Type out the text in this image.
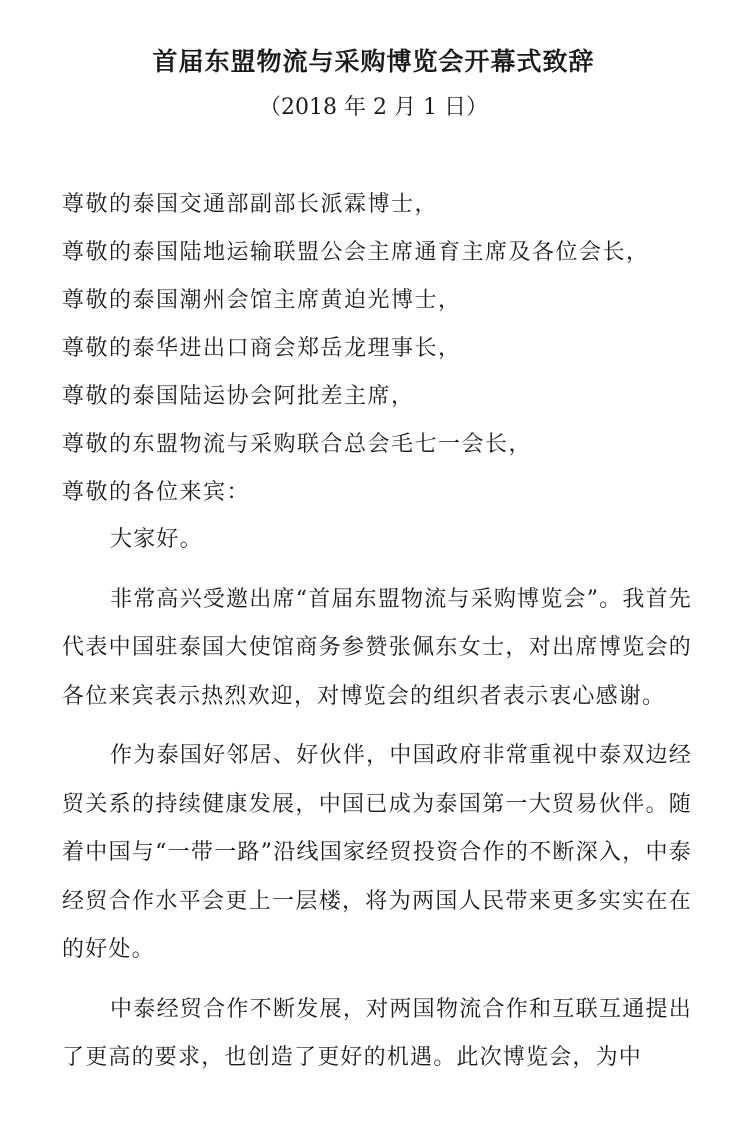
首届东盟物流与采购博览会开幕式致辞
（2018 年 2 月 1 日）
尊敬的泰国交通部副部长派霖博士，
尊敬的泰国陆地运输联盟公会主席通育主席及各位会长，
尊敬的泰国潮州会馆主席黄迫光博士，
尊敬的泰华进出口商会郑岳龙理事长，
尊敬的泰国陆运协会阿批差主席，
尊敬的东盟物流与采购联合总会毛七一会长，
尊敬的各位来宾：

大家好。

非常高兴受邀出席“首届东盟物流与采购博览会”。我首先代表中国驻泰国大使馆商务参赞张佩东女士，对出席博览会的各位来宾表示热烈欢迎，对博览会的组织者表示衷心感谢。

作为泰国好邻居、好伙伴，中国政府非常重视中泰双边经贸关系的持续健康发展，中国已成为泰国第一大贸易伙伴。随着中国与“一带一路”沿线国家经贸投资合作的不断深入，中泰经贸合作水平会更上一层楼，将为两国人民带来更多实实在在的好处。

中泰经贸合作不断发展，对两国物流合作和互联互通提出了更高的要求，也创造了更好的机遇。此次博览会，为中
